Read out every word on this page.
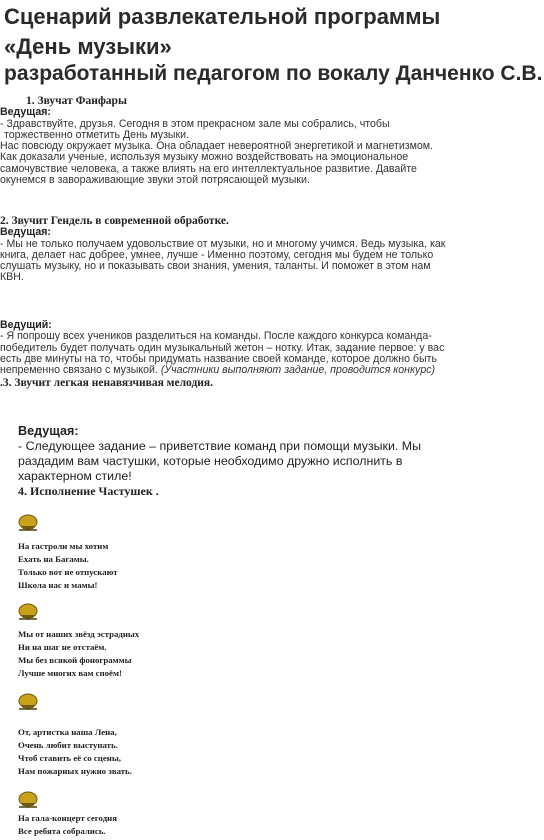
Сценарий развлекательной программы
«День музыки»
разработанный педагогом по вокалу Данченко С.В.
1. Звучат Фанфары
Ведущая:
- Здравствуйте, друзья. Сегодня в этом прекрасном зале мы собрались, чтобы
торжественно отметить День музыки.
Нас повсюду окружает музыка. Она обладает невероятной энергетикой и магнетизмом.
Как доказали ученые, используя музыку можно воздействовать на эмоциональное
самочувствие человека, а также влиять на его интеллектуальное развитие. Давайте
окунемся в завораживающие звуки этой потрясающей музыки.
2. Звучит Гендель в современной обработке.
Ведущая:
- Мы не только получаем удовольствие от музыки, но и многому учимся. Ведь музыка, как
книга, делает нас добрее, умнее, лучше - Именно поэтому, сегодня мы будем не только
слушать музыку, но и показывать свои знания, умения, таланты. И поможет в этом нам
КВН.
Ведущий:
- Я попрошу всех учеников разделиться на команды. После каждого конкурса команда-
победитель будет получать один музыкальный жетон – нотку. Итак, задание первое: у вас
есть две минуты на то, чтобы придумать название своей команде, которое должно быть
непременно связано с музыкой. (Участники выполняют задание, проводится конкурс)
.3. Звучит легкая ненавязчивая мелодия.
Ведущая:
- Следующее задание – приветствие команд при помощи музыки. Мы
раздадим вам частушки, которые необходимо дружно исполнить в
характерном стиле!
4. Исполнение Частушек .
На гастроли мы хотим
Ехать на Багамы.
Только вот не отпускают
Школа нас и мамы!
Мы от наших звёзд эстрадных
Ни на шаг не отстаём.
Мы без всякой фонограммы
Лучше многих вам споём!
От, артистка наша Лена,
Очень любит выступать.
Чтоб ставить её со сцены,
Нам пожарных нужно звать.
На гала-концерт сегодня
Все ребята собрались.
